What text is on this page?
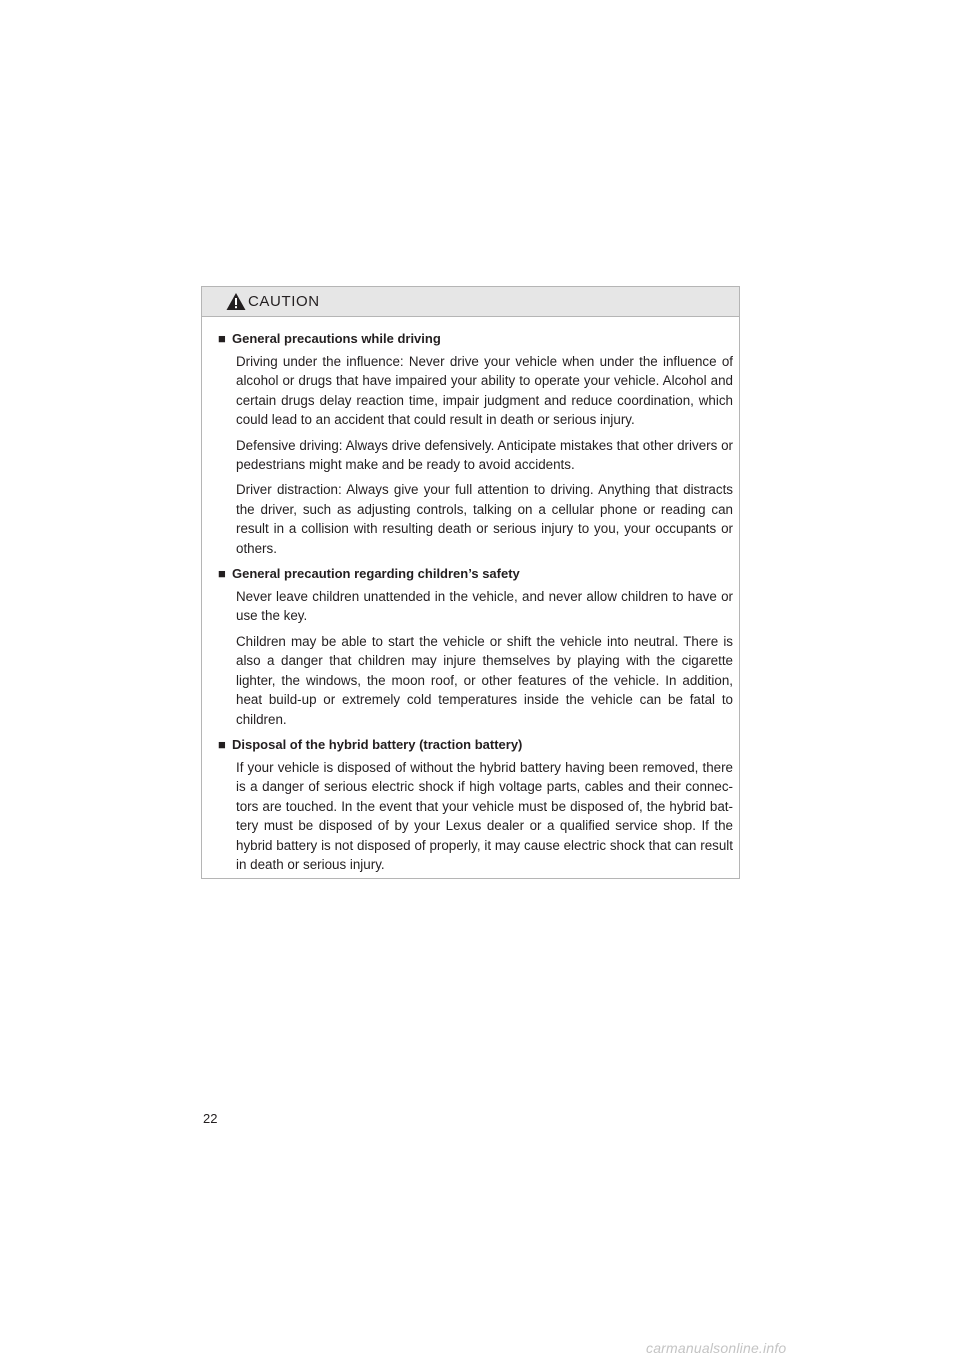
CAUTION
■ General precautions while driving

Driving under the influence: Never drive your vehicle when under the influence of alcohol or drugs that have impaired your ability to operate your vehicle. Alcohol and certain drugs delay reaction time, impair judgment and reduce coordination, which could lead to an accident that could result in death or serious injury.

Defensive driving: Always drive defensively. Anticipate mistakes that other drivers or pedestrians might make and be ready to avoid accidents.

Driver distraction: Always give your full attention to driving. Anything that distracts the driver, such as adjusting controls, talking on a cellular phone or reading can result in a collision with resulting death or serious injury to you, your occupants or others.

■ General precaution regarding children’s safety

Never leave children unattended in the vehicle, and never allow children to have or use the key.

Children may be able to start the vehicle or shift the vehicle into neutral. There is also a danger that children may injure themselves by playing with the cigarette lighter, the windows, the moon roof, or other features of the vehicle. In addition, heat build-up or extremely cold temperatures inside the vehicle can be fatal to children.

■ Disposal of the hybrid battery (traction battery)

If your vehicle is disposed of without the hybrid battery having been removed, there is a danger of serious electric shock if high voltage parts, cables and their connec-tors are touched. In the event that your vehicle must be disposed of, the hybrid bat-tery must be disposed of by your Lexus dealer or a qualified service shop. If the hybrid battery is not disposed of properly, it may cause electric shock that can result in death or serious injury.

22
carmanualsonline.info
